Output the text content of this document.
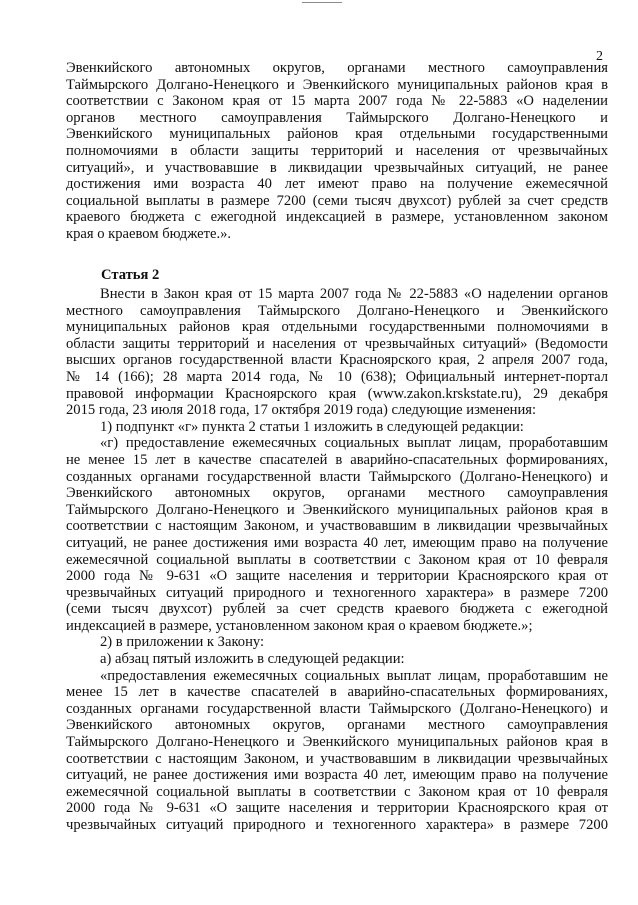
2
Эвенкийского автономных округов, органами местного самоуправления
Таймырского Долгано-Ненецкого и Эвенкийского муниципальных районов края в
соответствии с Законом края от 15 марта 2007 года № 22-5883 «О наделении
органов местного самоуправления Таймырского Долгано-Ненецкого и
Эвенкийского муниципальных районов края отдельными государственными
полномочиями в области защиты территорий и населения от чрезвычайных
ситуаций», и участвовавшие в ликвидации чрезвычайных ситуаций, не ранее
достижения ими возраста 40 лет имеют право на получение ежемесячной
социальной выплаты в размере 7200 (семи тысяч двухсот) рублей за счет средств
краевого бюджета с ежегодной индексацией в размере, установленном законом
края о краевом бюджете.».
Статья 2
Внести в Закон края от 15 марта 2007 года № 22-5883 «О наделении органов
местного самоуправления Таймырского Долгано-Ненецкого и Эвенкийского
муниципальных районов края отдельными государственными полномочиями в
области защиты территорий и населения от чрезвычайных ситуаций» (Ведомости
высших органов государственной власти Красноярского края, 2 апреля 2007 года,
№ 14 (166); 28 марта 2014 года, № 10 (638); Официальный интернет-портал
правовой информации Красноярского края (www.zakon.krskstate.ru), 29 декабря
2015 года, 23 июля 2018 года, 17 октября 2019 года) следующие изменения:
1) подпункт «г» пункта 2 статьи 1 изложить в следующей редакции:
«г) предоставление ежемесячных социальных выплат лицам, проработавшим
не менее 15 лет в качестве спасателей в аварийно-спасательных формированиях,
созданных органами государственной власти Таймырского (Долгано-Ненецкого) и
Эвенкийского автономных округов, органами местного самоуправления
Таймырского Долгано-Ненецкого и Эвенкийского муниципальных районов края в
соответствии с настоящим Законом, и участвовавшим в ликвидации чрезвычайных
ситуаций, не ранее достижения ими возраста 40 лет, имеющим право на получение
ежемесячной социальной выплаты в соответствии с Законом края от 10 февраля
2000 года № 9-631 «О защите населения и территории Красноярского края от
чрезвычайных ситуаций природного и техногенного характера» в размере 7200
(семи тысяч двухсот) рублей за счет средств краевого бюджета с ежегодной
индексацией в размере, установленном законом края о краевом бюджете.»;
2) в приложении к Закону:
а) абзац пятый изложить в следующей редакции:
«предоставления ежемесячных социальных выплат лицам, проработавшим не
менее 15 лет в качестве спасателей в аварийно-спасательных формированиях,
созданных органами государственной власти Таймырского (Долгано-Ненецкого) и
Эвенкийского автономных округов, органами местного самоуправления
Таймырского Долгано-Ненецкого и Эвенкийского муниципальных районов края в
соответствии с настоящим Законом, и участвовавшим в ликвидации чрезвычайных
ситуаций, не ранее достижения ими возраста 40 лет, имеющим право на получение
ежемесячной социальной выплаты в соответствии с Законом края от 10 февраля
2000 года № 9-631 «О защите населения и территории Красноярского края от
чрезвычайных ситуаций природного и техногенного характера» в размере 7200
